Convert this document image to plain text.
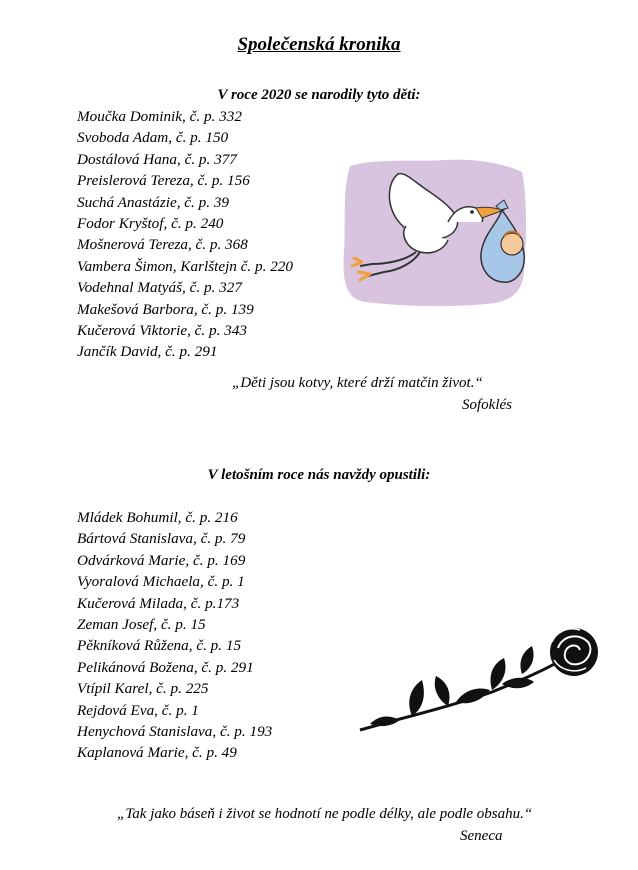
Společenská kronika
V roce 2020 se narodily tyto děti:
Moučka Dominik, č. p. 332
Svoboda Adam, č. p. 150
Dostálová Hana, č. p. 377
Preislerová Tereza, č. p. 156
Suchá Anastázie, č. p. 39
Fodor Kryštof, č. p. 240
Mošnerová Tereza, č. p. 368
Vambera Šimon, Karlštejn č. p. 220
Vodehnal Matyáš, č. p. 327
Makešová Barbora, č. p. 139
Kučerová Viktorie, č. p. 343
Jančík David, č. p. 291
„Děti jsou kotvy, které drží matčin život.“
Sofoklés
V letošním roce nás navždy opustili:
Mládek Bohumil, č. p. 216
Bártová Stanislava, č. p. 79
Odvárková Marie, č. p. 169
Vyoralová Michaela, č. p. 1
Kučerová Milada, č. p.173
Zeman Josef, č. p. 15
Pěkníková Růžena, č. p. 15
Pelikánová Božena, č. p. 291
Vtípil Karel, č. p. 225
Rejdová Eva, č. p. 1
Henychová Stanislava, č. p. 193
Kaplanová Marie, č. p. 49
„Tak jako báseň i život se hodnotí ne podle délky, ale podle obsahu.“
Seneca
